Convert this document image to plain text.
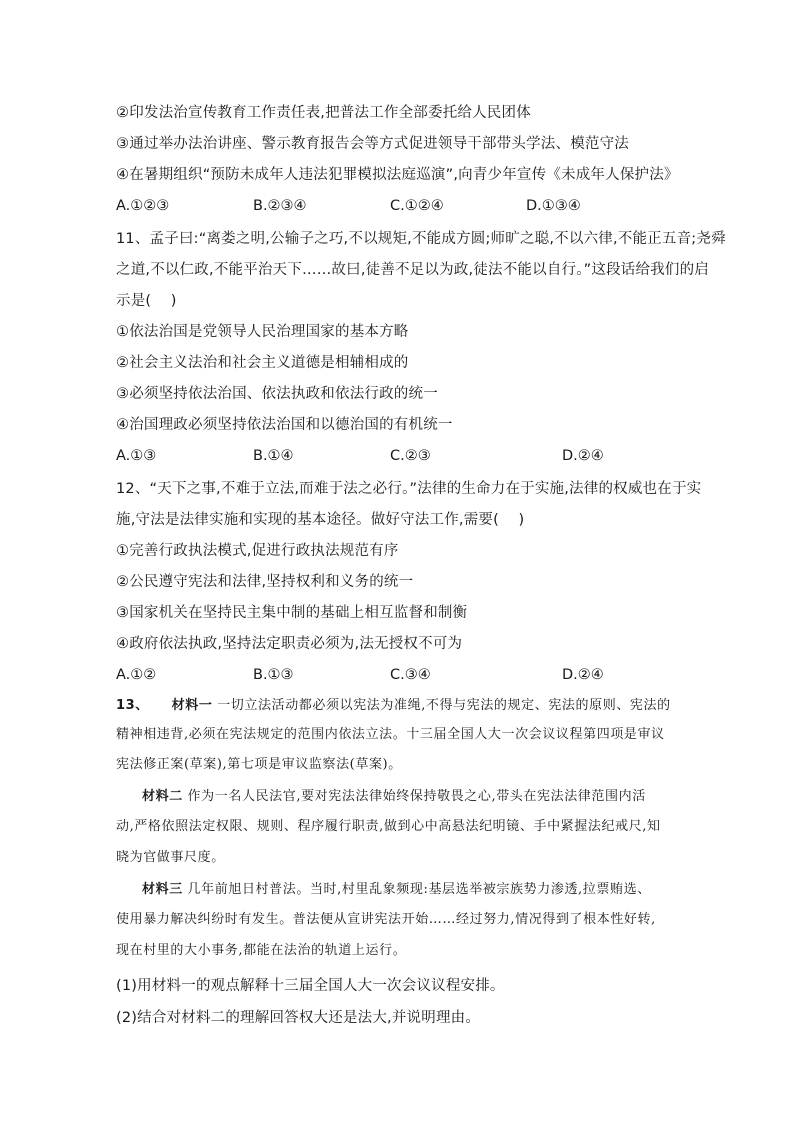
②印发法治宣传教育工作责任表,把普法工作全部委托给人民团体
③通过举办法治讲座、警示教育报告会等方式促进领导干部带头学法、模范守法
④在暑期组织“预防未成年人违法犯罪模拟法庭巡演”,向青少年宣传《未成年人保护法》
A.①②③	B.②③④	C.①②④	D.①③④
11、孟子曰:“离娄之明,公输子之巧,不以规矩,不能成方圆;师旷之聪,不以六律,不能正五音;尧舜
之道,不以仁政,不能平治天下……故曰,徒善不足以为政,徒法不能以自行。”这段话给我们的启
示是(　 )
①依法治国是党领导人民治理国家的基本方略
②社会主义法治和社会主义道德是相辅相成的
③必须坚持依法治国、依法执政和依法行政的统一
④治国理政必须坚持依法治国和以德治国的有机统一
A.①③	B.①④	C.②③	D.②④
12、“天下之事,不难于立法,而难于法之必行。”法律的生命力在于实施,法律的权威也在于实
施,守法是法律实施和实现的基本途径。做好守法工作,需要(　 )
①完善行政执法模式,促进行政执法规范有序
②公民遵守宪法和法律,坚持权利和义务的统一
③国家机关在坚持民主集中制的基础上相互监督和制衡
④政府依法执政,坚持法定职责必须为,法无授权不可为
A.①②	B.①③	C.③④	D.②④
13、 材料一 一切立法活动都必须以宪法为准绳,不得与宪法的规定、宪法的原则、宪法的
精神相违背,必须在宪法规定的范围内依法立法。十三届全国人大一次会议议程第四项是审议
宪法修正案(草案),第七项是审议监察法(草案)。
材料二 作为一名人民法官,要对宪法法律始终保持敬畏之心,带头在宪法法律范围内活
动,严格依照法定权限、规则、程序履行职责,做到心中高悬法纪明镜、手中紧握法纪戒尺,知
晓为官做事尺度。
材料三 几年前旭日村普法。当时,村里乱象频现:基层选举被宗族势力渗透,拉票贿选、
使用暴力解决纠纷时有发生。普法便从宣讲宪法开始……经过努力,情况得到了根本性好转,
现在村里的大小事务,都能在法治的轨道上运行。
(1)用材料一的观点解释十三届全国人大一次会议议程安排。
(2)结合对材料二的理解回答权大还是法大,并说明理由。
